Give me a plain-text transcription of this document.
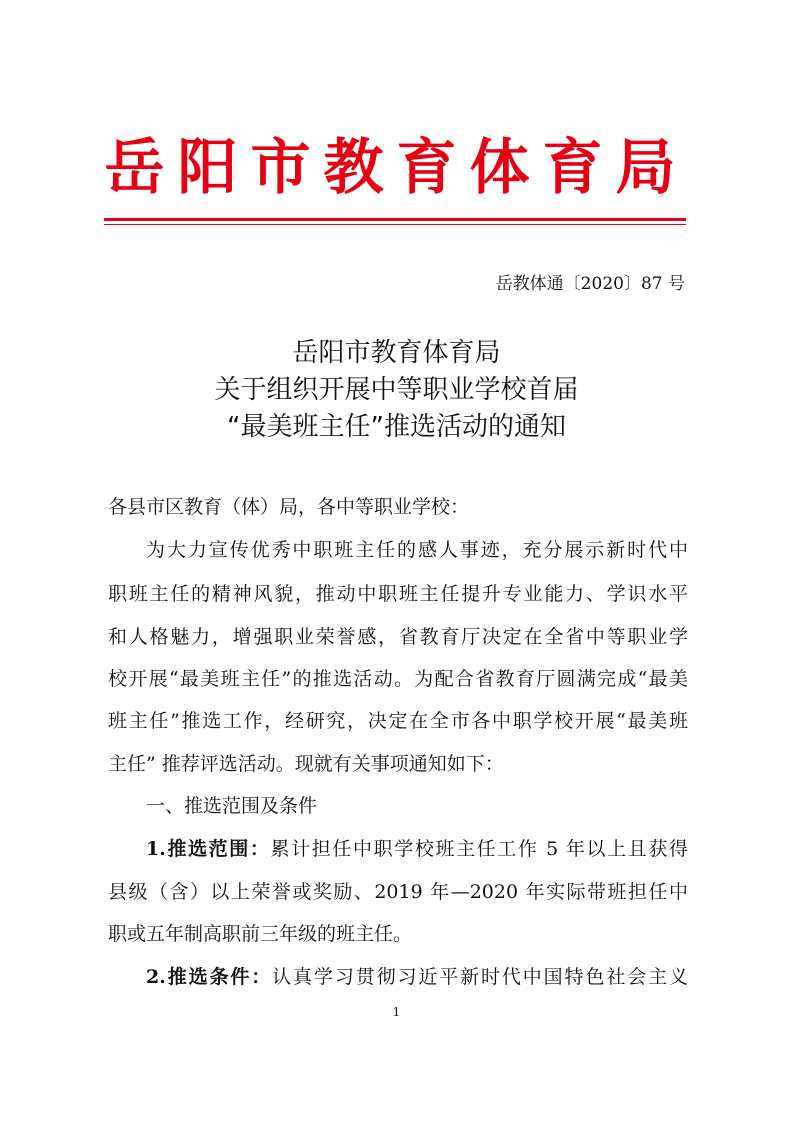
岳阳市教育体育局
岳教体通〔2020〕87 号
岳阳市教育体育局
关于组织开展中等职业学校首届
“最美班主任”推选活动的通知
各县市区教育（体）局，各中等职业学校：
为大力宣传优秀中职班主任的感人事迹，充分展示新时代中
职班主任的精神风貌，推动中职班主任提升专业能力、学识水平
和人格魅力，增强职业荣誉感，省教育厅决定在全省中等职业学
校开展“最美班主任”的推选活动。为配合省教育厅圆满完成“最美
班主任”推选工作，经研究，决定在全市各中职学校开展“最美班
主任” 推荐评选活动。现就有关事项通知如下：
一、推选范围及条件
1.推选范围：累计担任中职学校班主任工作 5 年以上且获得
县级（含）以上荣誉或奖励、2019 年—2020 年实际带班担任中
职或五年制高职前三年级的班主任。
2.推选条件：认真学习贯彻习近平新时代中国特色社会主义
1
